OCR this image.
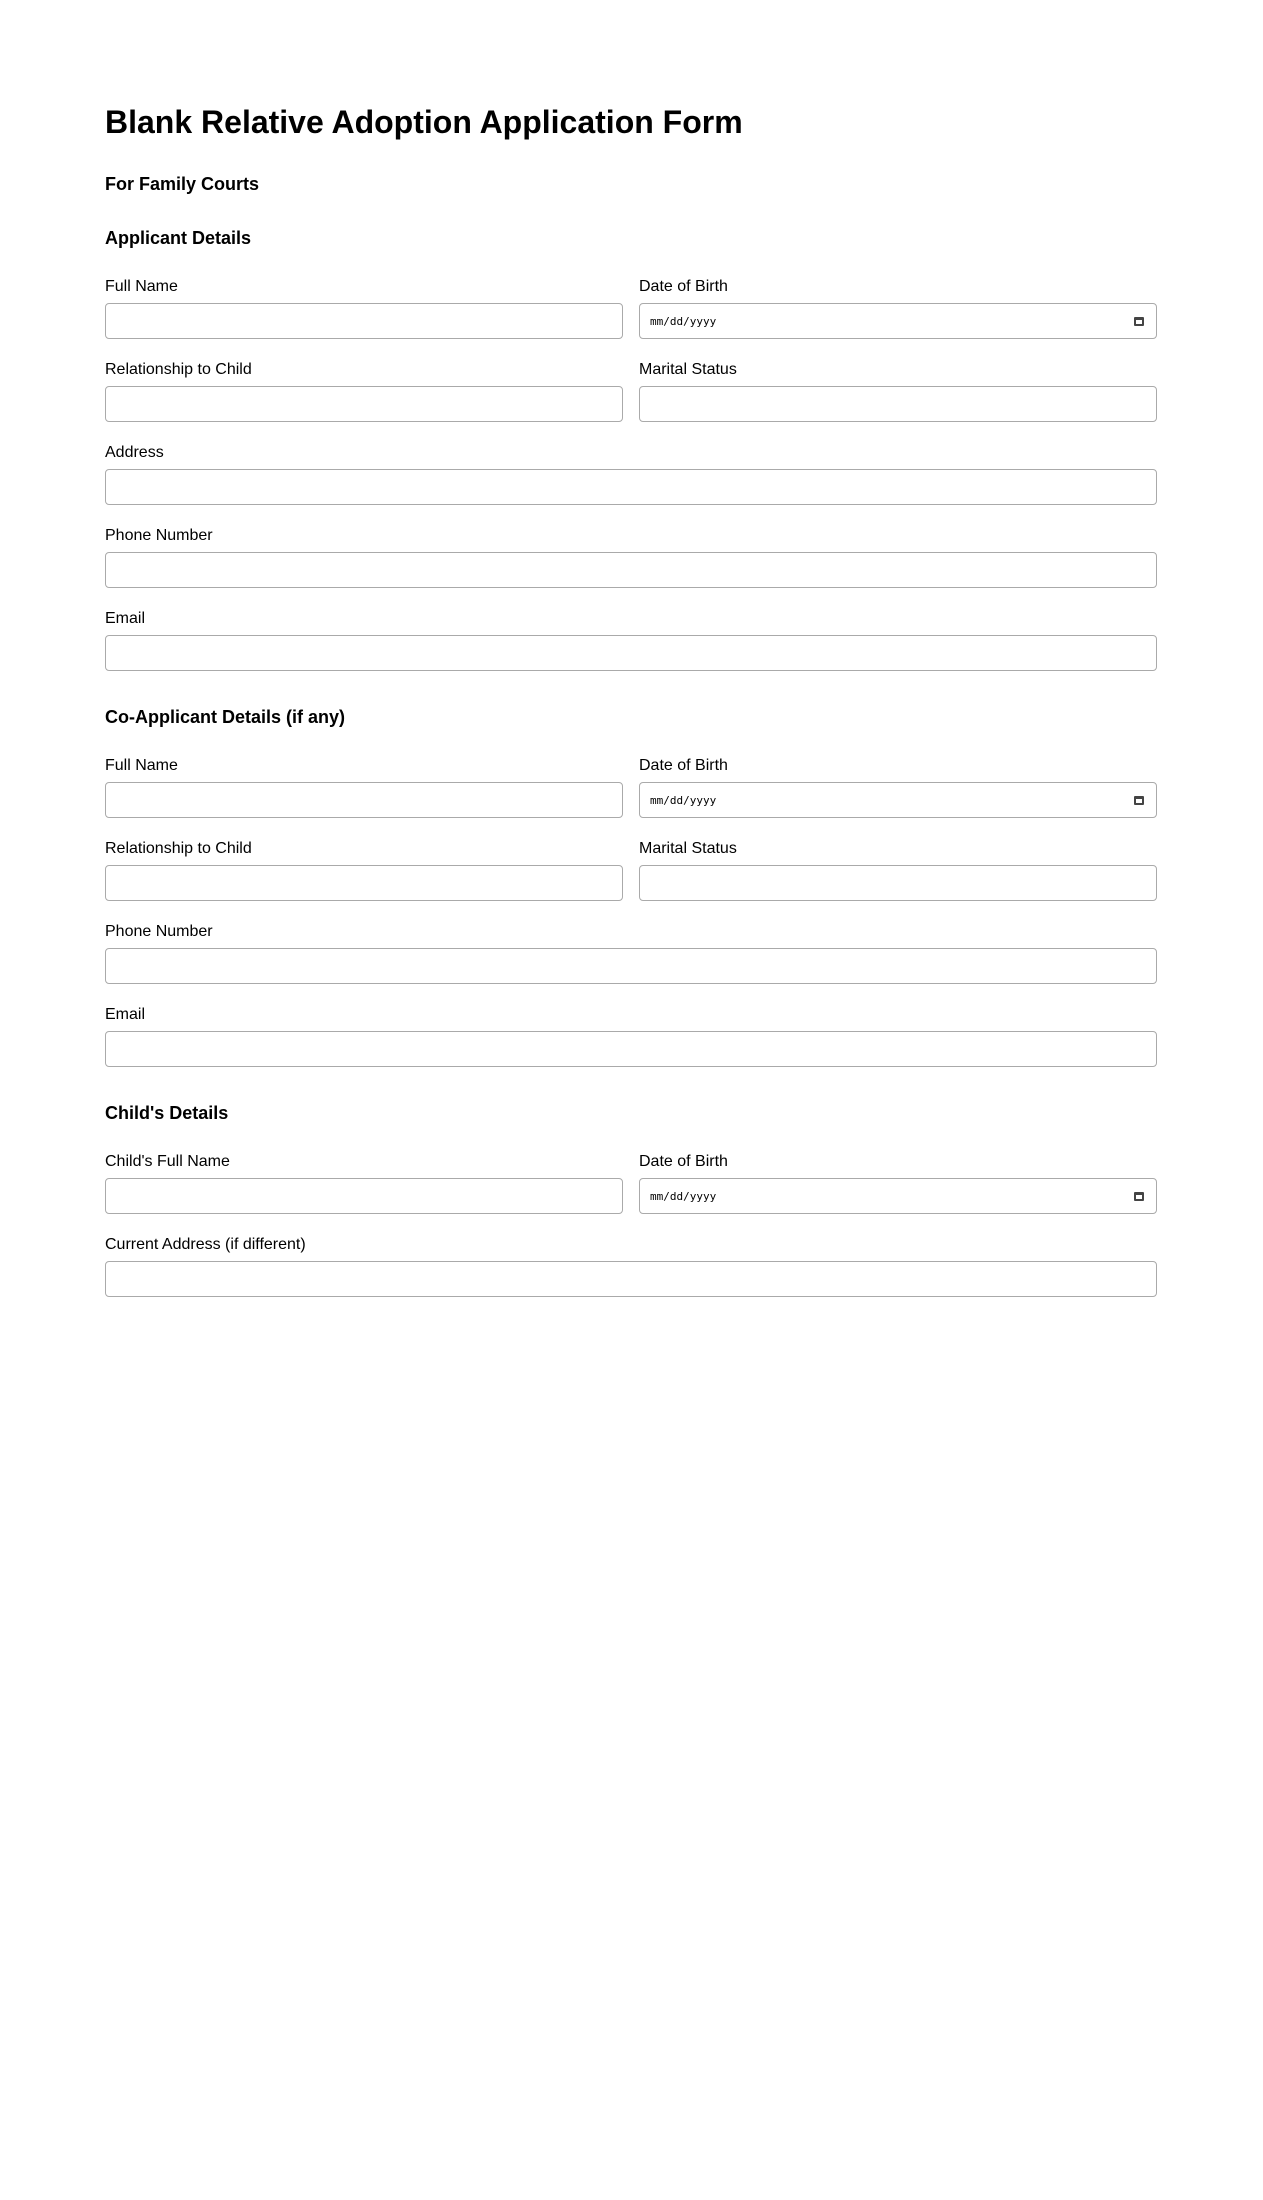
Blank Relative Adoption Application Form
For Family Courts
Applicant Details
Full Name	Date of Birth
mm/dd/yyyy
Relationship to Child	Marital Status
Address
Phone Number
Email
Co-Applicant Details (if any)
Full Name	Date of Birth
mm/dd/yyyy
Relationship to Child	Marital Status
Phone Number
Email
Child's Details
Child's Full Name	Date of Birth
mm/dd/yyyy
Current Address (if different)
